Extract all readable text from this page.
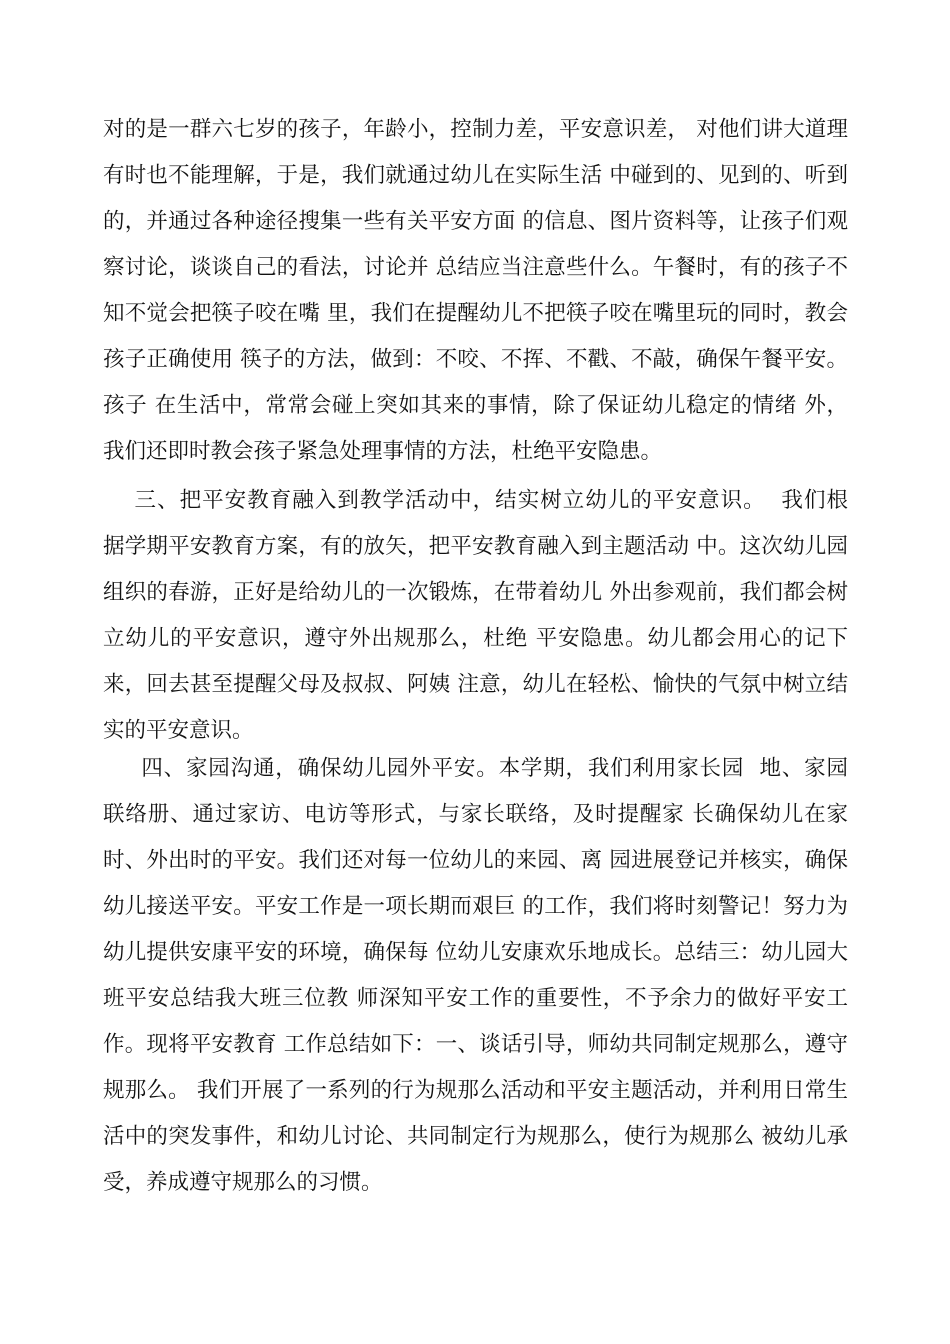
对的是一群六七岁的孩子，年龄小，控制力差，平安意识差， 对他们讲大道理
有时也不能理解，于是，我们就通过幼儿在实际生活 中碰到的、见到的、听到
的，并通过各种途径搜集一些有关平安方面 的信息、图片资料等，让孩子们观
察讨论，谈谈自己的看法，讨论并 总结应当注意些什么。午餐时，有的孩子不
知不觉会把筷子咬在嘴 里，我们在提醒幼儿不把筷子咬在嘴里玩的同时，教会
孩子正确使用 筷子的方法，做到：不咬、不挥、不戳、不敲，确保午餐平安。
孩子 在生活中，常常会碰上突如其来的事情，除了保证幼儿稳定的情绪 外，
我们还即时教会孩子紧急处理事情的方法，杜绝平安隐患。
三、把平安教育融入到教学活动中，结实树立幼儿的平安意识。  我们根
据学期平安教育方案，有的放矢，把平安教育融入到主题活动 中。这次幼儿园
组织的春游，正好是给幼儿的一次锻炼，在带着幼儿 外出参观前，我们都会树
立幼儿的平安意识，遵守外出规那么，杜绝 平安隐患。幼儿都会用心的记下
来，回去甚至提醒父母及叔叔、阿姨 注意，幼儿在轻松、愉快的气氛中树立结
实的平安意识。
四、家园沟通，确保幼儿园外平安。本学期，我们利用家长园  地、家园
联络册、通过家访、电访等形式，与家长联络，及时提醒家 长确保幼儿在家
时、外出时的平安。我们还对每一位幼儿的来园、离 园进展登记并核实，确保
幼儿接送平安。平安工作是一项长期而艰巨 的工作，我们将时刻警记！努力为
幼儿提供安康平安的环境，确保每 位幼儿安康欢乐地成长。总结三：幼儿园大
班平安总结我大班三位教 师深知平安工作的重要性，不予余力的做好平安工
作。现将平安教育 工作总结如下：一、谈话引导，师幼共同制定规那么，遵守
规那么。 我们开展了一系列的行为规那么活动和平安主题活动，并利用日常生
活中的突发事件，和幼儿讨论、共同制定行为规那么，使行为规那么 被幼儿承
受，养成遵守规那么的习惯。
